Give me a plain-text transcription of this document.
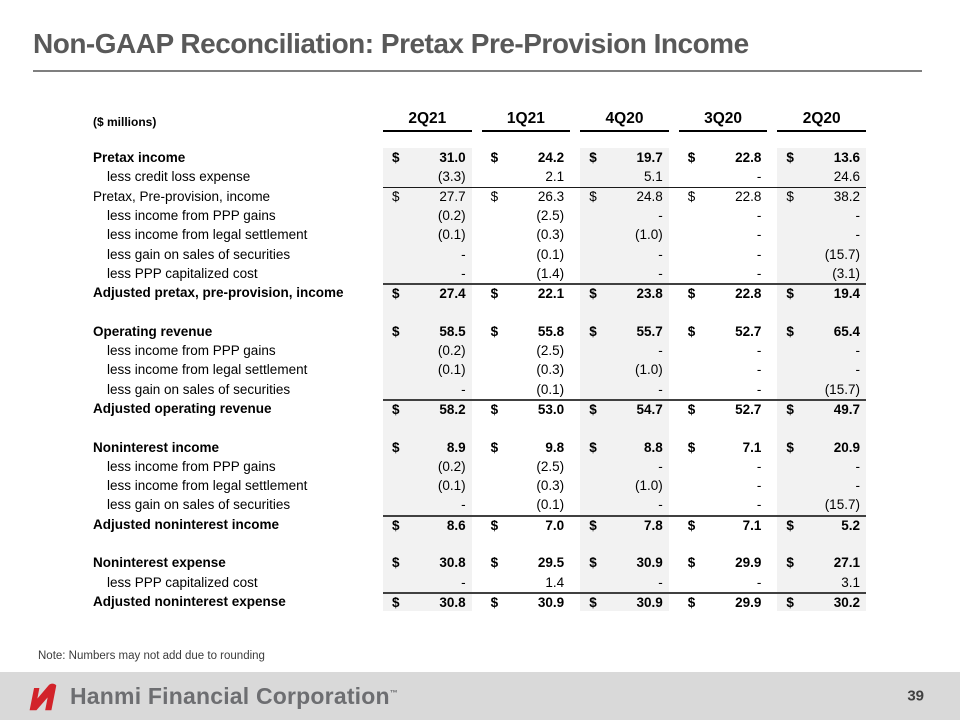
Non-GAAP Reconciliation: Pretax Pre-Provision Income
($ millions)	2Q21	1Q21	4Q20	3Q20	2Q20
Pretax income	$	31.0 $	24.2 $	19.7 $	22.8 $	13.6
less credit loss expense	(3.3)	2.1	5.1	-	24.6
Pretax, Pre-provision, income	$	27.7 $	26.3 $	24.8 $	22.8 $	38.2
less income from PPP gains	(0.2)	(2.5)	-	-	-
less income from legal settlement	(0.1)	(0.3)	(1.0)	-	-
less gain on sales of securities	-	(0.1)	-	-	(15.7)
less PPP capitalized cost	-	(1.4)	-	-	(3.1)
Adjusted pretax, pre-provision, income	$	27.4 $	22.1 $	23.8 $	22.8 $	19.4
Operating revenue	$	58.5 $	55.8 $	55.7 $	52.7 $	65.4
less income from PPP gains	(0.2)	(2.5)	-	-	-
less income from legal settlement	(0.1)	(0.3)	(1.0)	-	-
less gain on sales of securities	-	(0.1)	-	-	(15.7)
Adjusted operating revenue	$	58.2 $	53.0 $	54.7 $	52.7 $	49.7
Noninterest income	$	8.9 $	9.8 $	8.8 $	7.1 $	20.9
less income from PPP gains	(0.2)	(2.5)	-	-	-
less income from legal settlement	(0.1)	(0.3)	(1.0)	-	-
less gain on sales of securities	-	(0.1)	-	-	(15.7)
Adjusted noninterest income	$	8.6 $	7.0 $	7.8 $	7.1 $	5.2
Noninterest expense	$	30.8 $	29.5 $	30.9 $	29.9 $	27.1
less PPP capitalized cost	-	1.4	-	-	3.1
Adjusted noninterest expense	$	30.8 $	30.9 $	30.9 $	29.9 $	30.2
Note: Numbers may not add due to rounding
Hanmi Financial Corporation™	39
